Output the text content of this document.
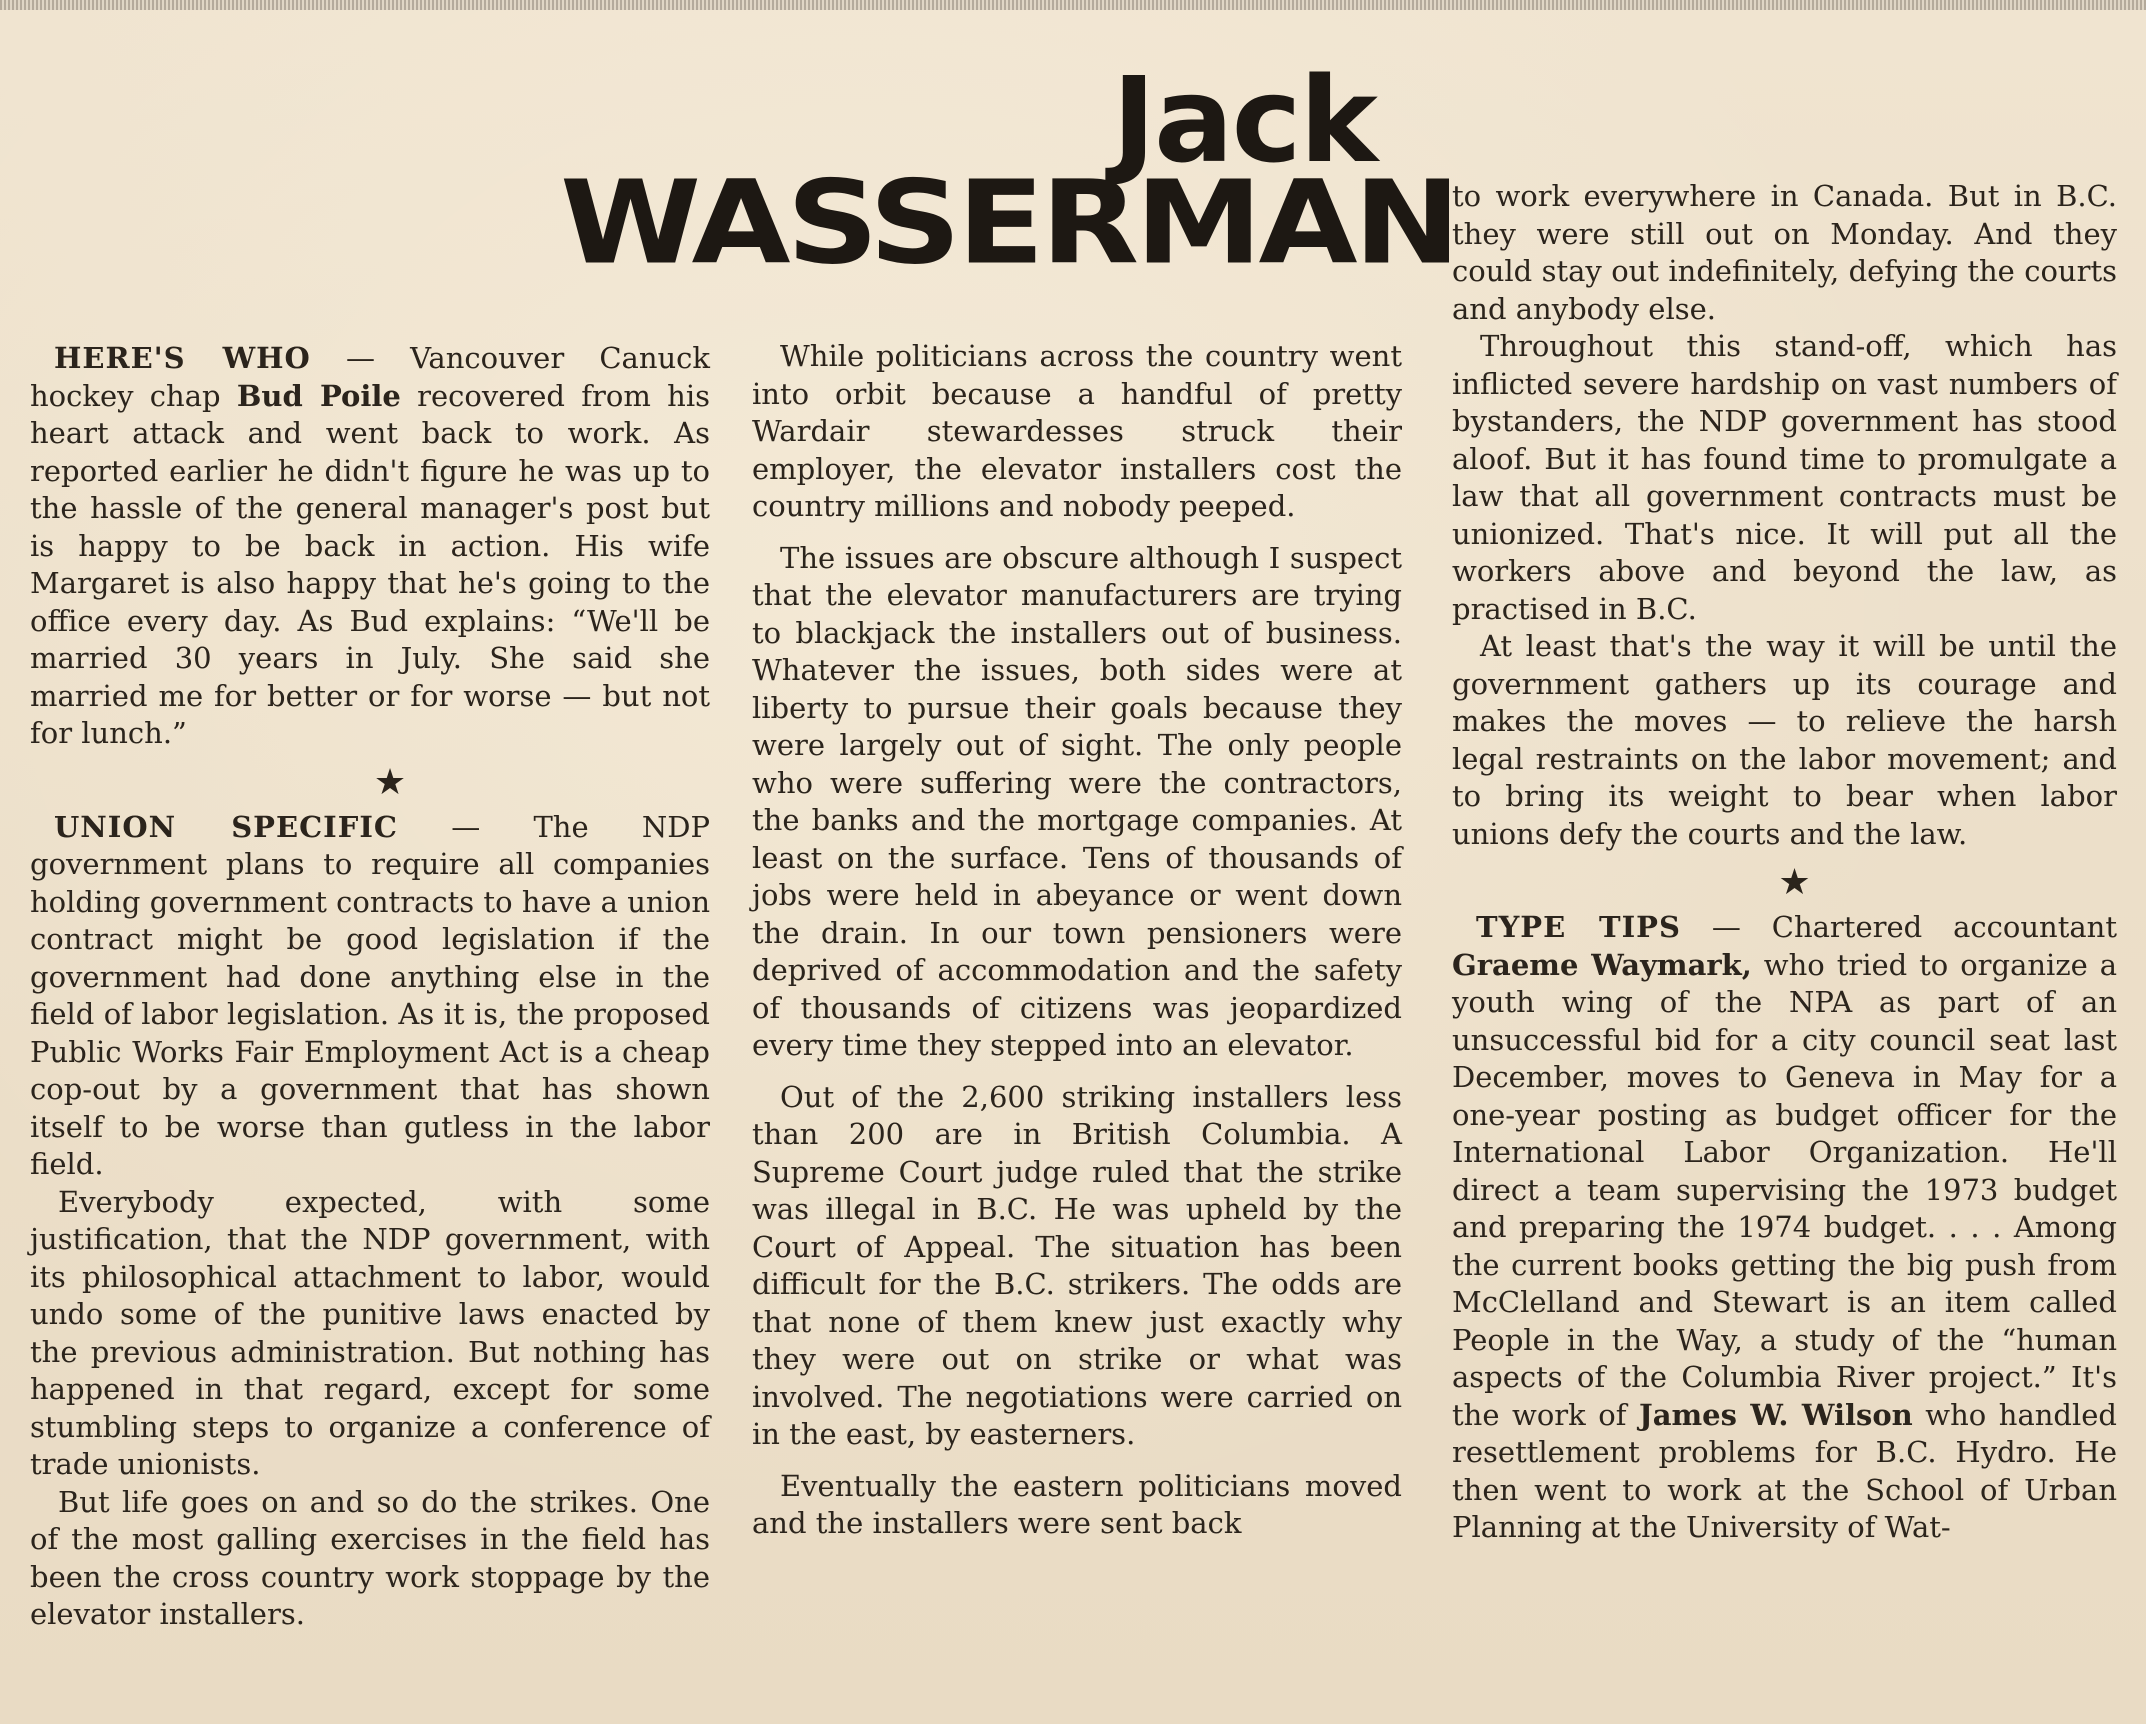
Jack
WASSERMAN

HERE'S WHO — Vancouver Canuck hockey chap Bud Poile recovered from his heart attack and went back to work. As reported earlier he didn't figure he was up to the hassle of the general manager's post but is happy to be back in action. His wife Margaret is also happy that he's going to the office every day. As Bud explains: “We'll be married 30 years in July. She said she married me for better or for worse — but not for lunch.”

★

UNION SPECIFIC — The NDP government plans to require all companies holding government contracts to have a union contract might be good legislation if the government had done anything else in the field of labor legislation. As it is, the proposed Public Works Fair Employment Act is a cheap cop-out by a government that has shown itself to be worse than gutless in the labor field.

Everybody expected, with some justification, that the NDP government, with its philosophical attachment to labor, would undo some of the punitive laws enacted by the previous administration. But nothing has happened in that regard, except for some stumbling steps to organize a conference of trade unionists.

But life goes on and so do the strikes. One of the most galling exercises in the field has been the cross country work stoppage by the elevator installers.

While politicians across the country went into orbit because a handful of pretty Wardair stewardesses struck their employer, the elevator installers cost the country millions and nobody peeped.

The issues are obscure although I suspect that the elevator manufacturers are trying to blackjack the installers out of business. Whatever the issues, both sides were at liberty to pursue their goals because they were largely out of sight. The only people who were suffering were the contractors, the banks and the mortgage companies. At least on the surface. Tens of thousands of jobs were held in abeyance or went down the drain. In our town pensioners were deprived of accommodation and the safety of thousands of citizens was jeopardized every time they stepped into an elevator.

Out of the 2,600 striking installers less than 200 are in British Columbia. A Supreme Court judge ruled that the strike was illegal in B.C. He was upheld by the Court of Appeal. The situation has been difficult for the B.C. strikers. The odds are that none of them knew just exactly why they were out on strike or what was involved. The negotiations were carried on in the east, by easterners.

Eventually the eastern politicians moved and the installers were sent back

to work everywhere in Canada. But in B.C. they were still out on Monday. And they could stay out indefinitely, defying the courts and anybody else.

Throughout this stand-off, which has inflicted severe hardship on vast numbers of bystanders, the NDP government has stood aloof. But it has found time to promulgate a law that all government contracts must be unionized. That's nice. It will put all the workers above and beyond the law, as practised in B.C.

At least that's the way it will be until the government gathers up its courage and makes the moves — to relieve the harsh legal restraints on the labor movement; and to bring its weight to bear when labor unions defy the courts and the law.

★

TYPE TIPS — Chartered accountant Graeme Waymark, who tried to organize a youth wing of the NPA as part of an unsuccessful bid for a city council seat last December, moves to Geneva in May for a one-year posting as budget officer for the International Labor Organization. He'll direct a team supervising the 1973 budget and preparing the 1974 budget. . . . Among the current books getting the big push from McClelland and Stewart is an item called People in the Way, a study of the “human aspects of the Columbia River project.” It's the work of James W. Wilson who handled resettlement problems for B.C. Hydro. He then went to work at the School of Urban Planning at the University of Wat-
